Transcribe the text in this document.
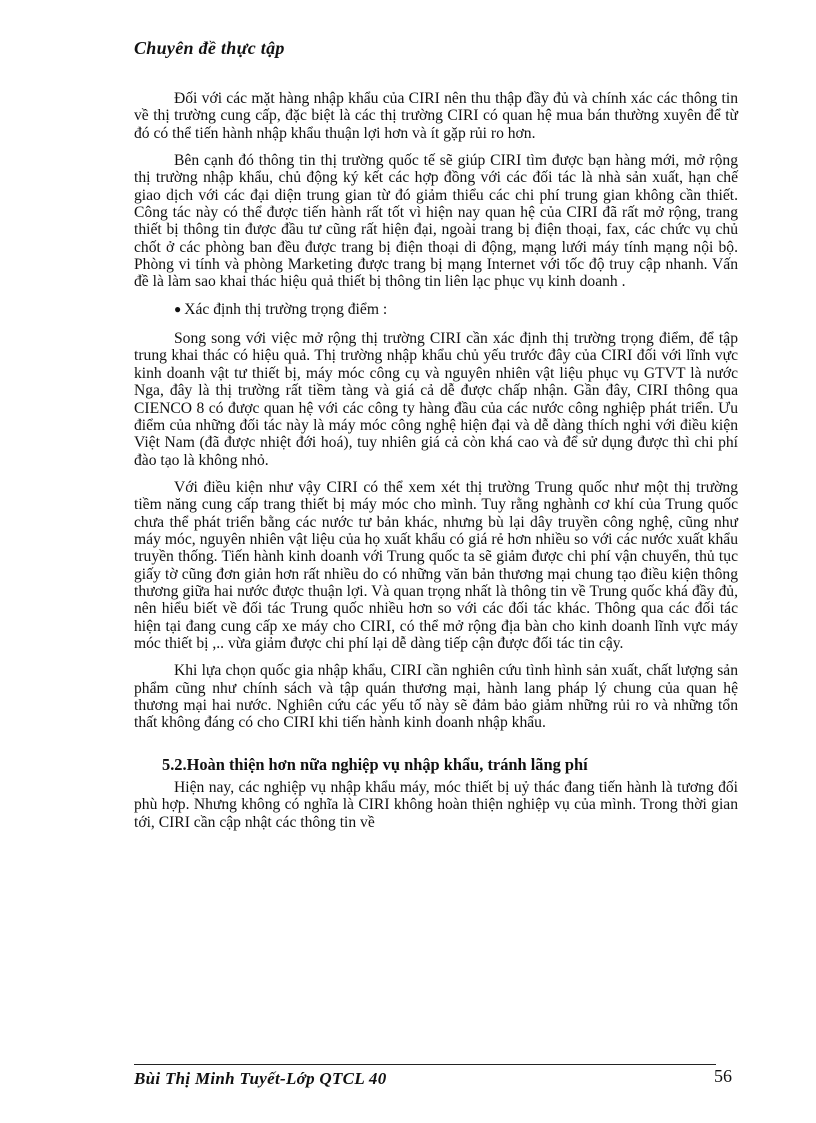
Chuyên đề thực tập

Đối với các mặt hàng nhập khẩu của CIRI nên thu thập đầy đủ và chính xác các thông tin về thị trường cung cấp, đặc biệt là các thị trường CIRI có quan hệ mua bán thường xuyên để từ đó có thể tiến hành nhập khẩu thuận lợi hơn và ít gặp rủi ro hơn.

Bên cạnh đó thông tin thị trường quốc tế sẽ giúp CIRI tìm được bạn hàng mới, mở rộng thị trường nhập khẩu, chủ động ký kết các hợp đồng với các đối tác là nhà sản xuất, hạn chế giao dịch với các đại diện trung gian từ đó giảm thiểu các chi phí trung gian không cần thiết. Công tác này có thể được tiến hành rất tốt vì hiện nay quan hệ của CIRI đã rất mở rộng, trang thiết bị thông tin được đầu tư cũng rất hiện đại, ngoài trang bị điện thoại, fax, các chức vụ chủ chốt ở các phòng ban đều được trang bị điện thoại di động, mạng lưới máy tính mạng nội bộ. Phòng vi tính và phòng Marketing được trang bị mạng Internet với tốc độ truy cập nhanh. Vấn đề là làm sao khai thác hiệu quả thiết bị thông tin liên lạc phục vụ kinh doanh .

● Xác định thị trường trọng điểm :

Song song với việc mở rộng thị trường CIRI cần xác định thị trường trọng điểm, để tập trung khai thác có hiệu quả. Thị trường nhập khẩu chủ yếu trước đây của CIRI đối với lĩnh vực kinh doanh vật tư thiết bị, máy móc công cụ và nguyên nhiên vật liệu phục vụ GTVT là nước Nga, đây là thị trường rất tiềm tàng và giá cả dễ được chấp nhận. Gần đây, CIRI thông qua CIENCO 8 có được quan hệ với các công ty hàng đầu của các nước công nghiệp phát triển. Ưu điểm của những đối tác này là máy móc công nghệ hiện đại và dễ dàng thích nghi với điều kiện Việt Nam (đã được nhiệt đới hoá), tuy nhiên giá cả còn khá cao và để sử dụng được thì chi phí đào tạo là không nhỏ.

Với điều kiện như vậy CIRI có thể xem xét thị trường Trung quốc như một thị trường tiềm năng cung cấp trang thiết bị máy móc cho mình. Tuy rằng nghành cơ khí của Trung quốc chưa thể phát triển bằng các nước tư bản khác, nhưng bù lại dây truyền công nghệ, cũng như máy móc, nguyên nhiên vật liệu của họ xuất khẩu có giá rẻ hơn nhiều so với các nước xuất khẩu truyền thống. Tiến hành kinh doanh với Trung quốc ta sẽ giảm được chi phí vận chuyển, thủ tục giấy tờ cũng đơn giản hơn rất nhiều do có những văn bản thương mại chung tạo điều kiện thông thương giữa hai nước được thuận lợi. Và quan trọng nhất là thông tin về Trung quốc khá đầy đủ, nên hiểu biết về đối tác Trung quốc nhiều hơn so với các đối tác khác. Thông qua các đối tác hiện tại đang cung cấp xe máy cho CIRI, có thể mở rộng địa bàn cho kinh doanh lĩnh vực máy móc thiết bị ,.. vừa giảm được chi phí lại dễ dàng tiếp cận được đối tác tin cậy.

Khi lựa chọn quốc gia nhập khẩu, CIRI cần nghiên cứu tình hình sản xuất, chất lượng sản phẩm cũng như chính sách và tập quán thương mại, hành lang pháp lý chung của quan hệ thương mại hai nước. Nghiên cứu các yếu tố này sẽ đảm bảo giảm những rủi ro và những tổn thất không đáng có cho CIRI khi tiến hành kinh doanh nhập khẩu.

5.2.Hoàn thiện hơn nữa nghiệp vụ nhập khẩu, tránh lãng phí

Hiện nay, các nghiệp vụ nhập khẩu máy, móc thiết bị uỷ thác đang tiến hành là tương đối phù hợp. Nhưng không có nghĩa là CIRI không hoàn thiện nghiệp vụ của mình. Trong thời gian tới, CIRI cần cập nhật các thông tin về

Bùi Thị Minh Tuyết-Lớp QTCL 40	56
